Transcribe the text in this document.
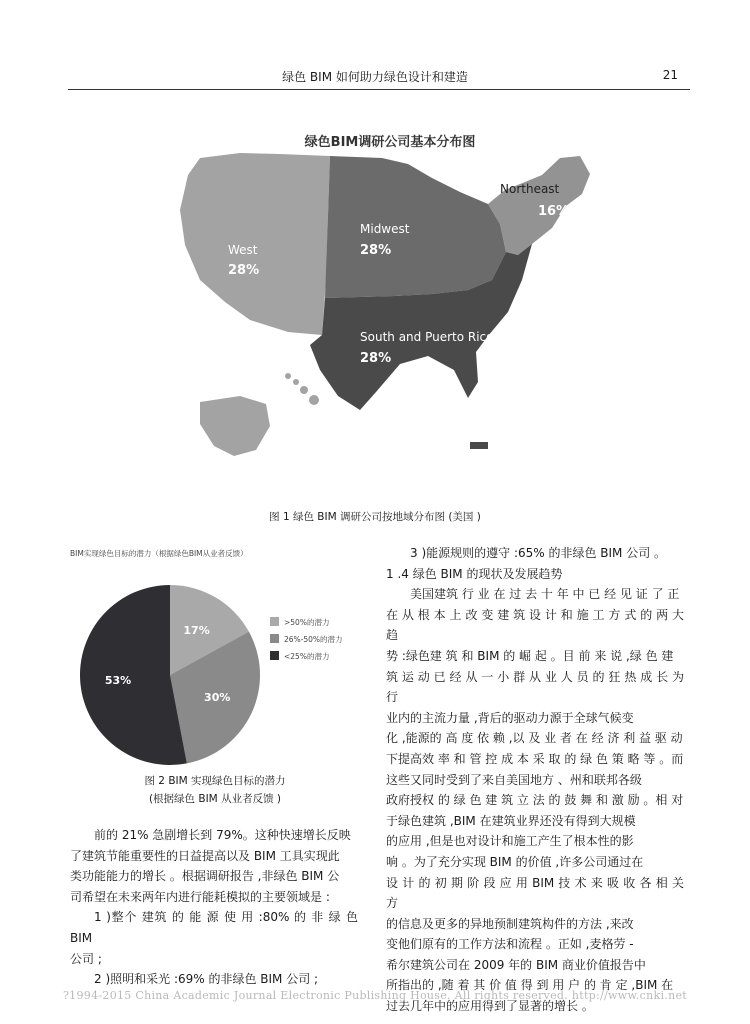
绿色 BIM 如何助力绿色设计和建造	21
绿色BIM调研公司基本分布图
West
28%
Midwest
28%
Northeast
16%
South and Puerto Rico
28%
图 1 绿色 BIM 调研公司按地域分布图 (美国 )
BIM实现绿色目标的潜力（根据绿色BIM从业者反馈）
17%
30%
53%
>50%的潜力
26%-50%的潜力
<25%的潜力
图 2 BIM 实现绿色目标的潜力
(根据绿色 BIM 从业者反馈 )

前的 21% 急剧增长到 79%。这种快速增长反映

了建筑节能重要性的日益提高以及 BIM 工具实现此

类功能能力的增长 。根据调研报告 ,非绿色 BIM 公

司希望在未来两年内进行能耗模拟的主要领域是 :

1 )整个 建筑 的 能 源 使 用 :80% 的 非 绿 色 BIM

公司 ;

2 )照明和采光 :69% 的非绿色 BIM 公司 ;

3 )能源规则的遵守 :65% 的非绿色 BIM 公司 。

1 .4 绿色 BIM 的现状及发展趋势

美国建筑 行 业 在 过 去 十 年 中 已 经 见 证 了 正

在 从 根 本 上 改 变 建 筑 设 计 和 施 工 方 式 的 两 大 趋

势 :绿色建 筑 和 BIM 的 崛 起 。目 前 来 说 ,绿 色 建

筑 运 动 已 经 从 一 小 群 从 业 人 员 的 狂 热 成 长 为 行

业内的主流力量 ,背后的驱动力源于全球气候变

化 ,能源的 高 度 依 赖 ,以 及 业 者 在 经 济 利 益 驱 动

下提高效 率 和 管 控 成 本 采 取 的 绿 色 策 略 等 。而

这些又同时受到了来自美国地方 、州和联邦各级

政府授权 的 绿 色 建 筑 立 法 的 鼓 舞 和 激 励 。相 对

于绿色建筑 ,BIM 在建筑业界还没有得到大规模

的应用 ,但是也对设计和施工产生了根本性的影

响 。为了充分实现 BIM 的价值 ,许多公司通过在

设 计 的 初 期 阶 段 应 用 BIM 技 术 来 吸 收 各 相 关 方

的信息及更多的异地预制建筑构件的方法 ,来改

变他们原有的工作方法和流程 。正如 ,麦格劳 -

希尔建筑公司在 2009 年的 BIM 商业价值报告中

所指出的 ,随 着 其 价 值 得 到 用 户 的 肯 定 ,BIM 在

过去几年中的应用得到了显著的增长 。

?1994-2015 China Academic Journal Electronic Publishing House. All rights reserved. http://www.cnki.net
